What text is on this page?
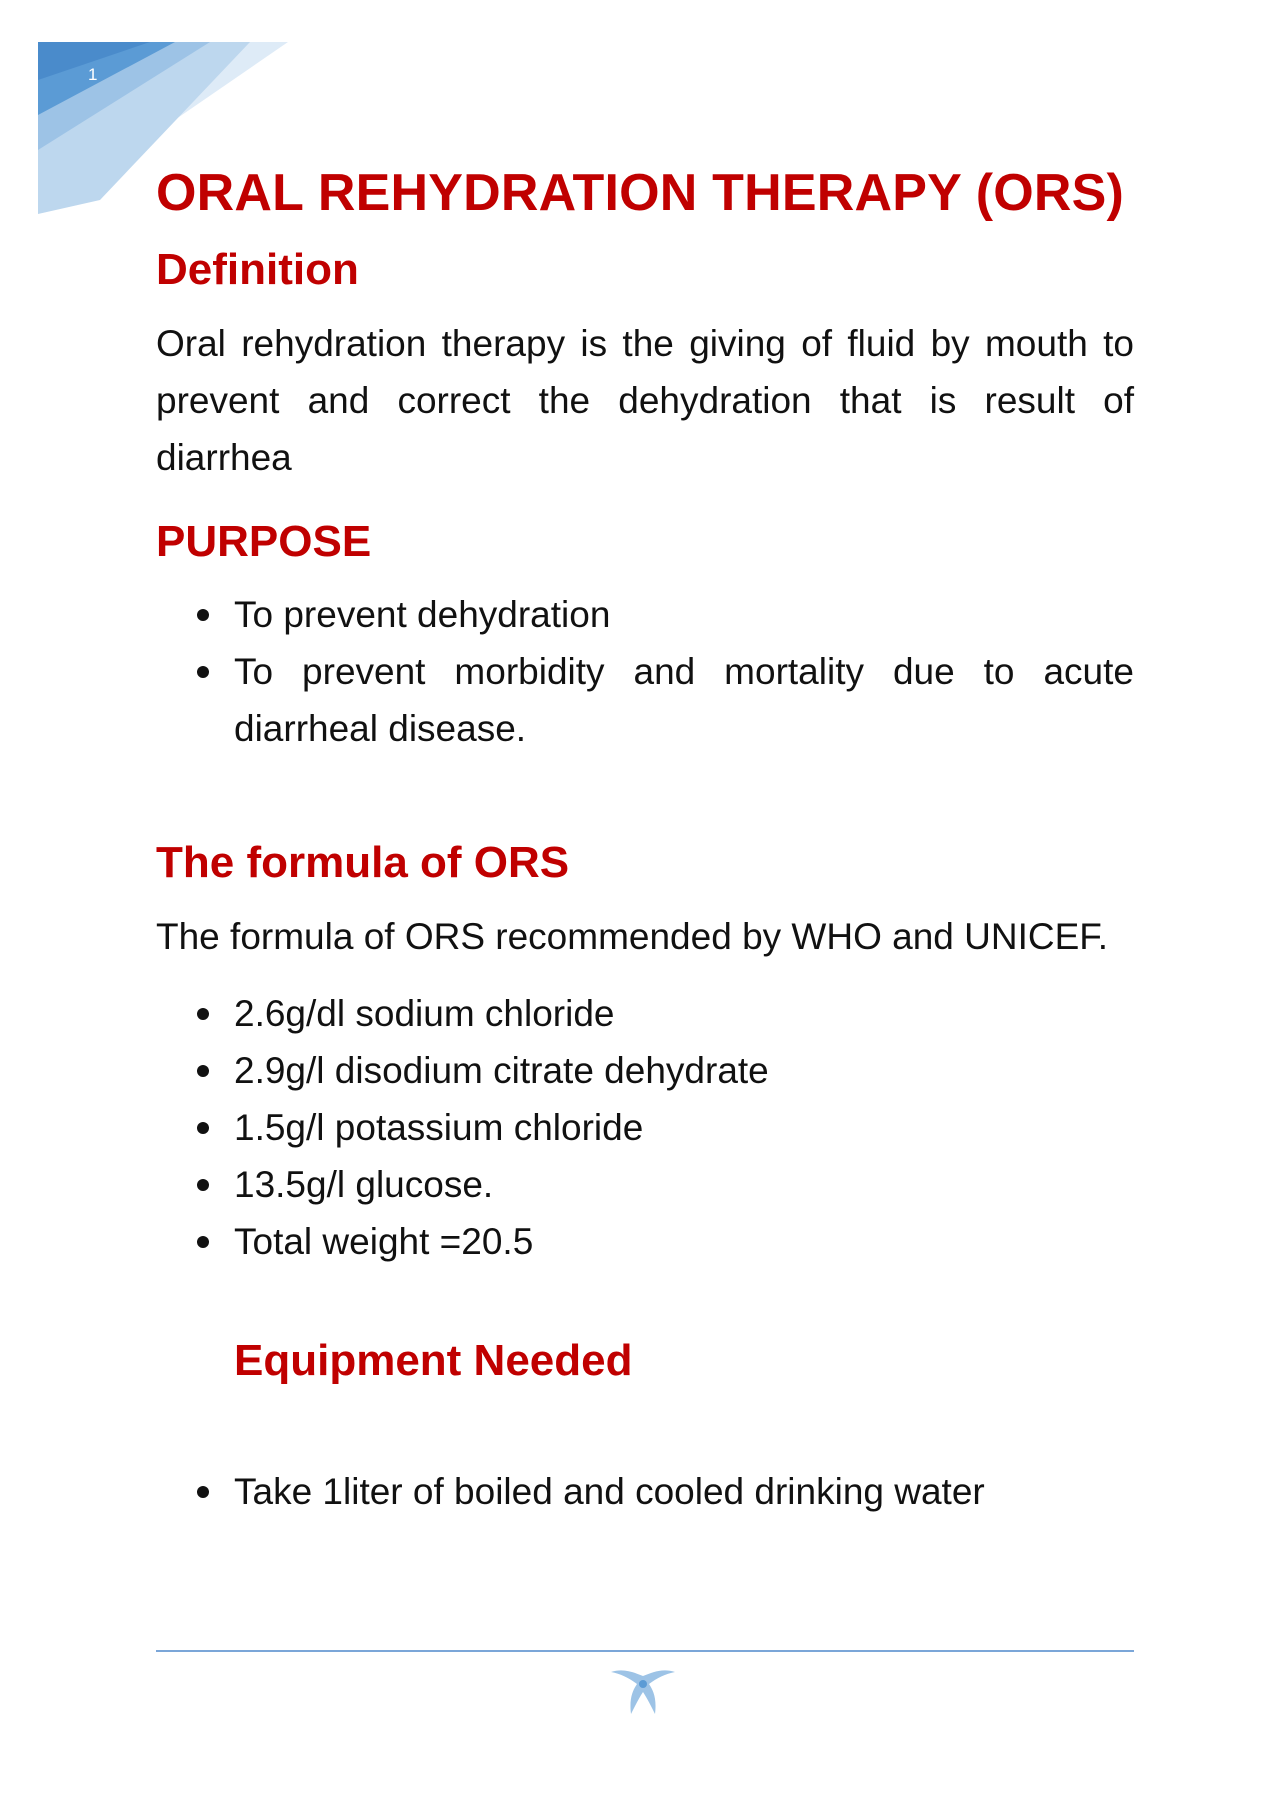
1
ORAL REHYDRATION THERAPY (ORS)
Definition

Oral rehydration therapy is the giving of fluid by mouth to prevent and correct the dehydration that is result of diarrhea

PURPOSE
To prevent dehydration
To prevent morbidity and mortality due to acute diarrheal disease.
The formula of ORS

The formula of ORS recommended by WHO and UNICEF.

2.6g/dl sodium chloride
2.9g/l disodium citrate dehydrate
1.5g/l potassium chloride
13.5g/l glucose.
Total weight =20.5
Equipment Needed
Take 1liter of boiled and cooled drinking water
